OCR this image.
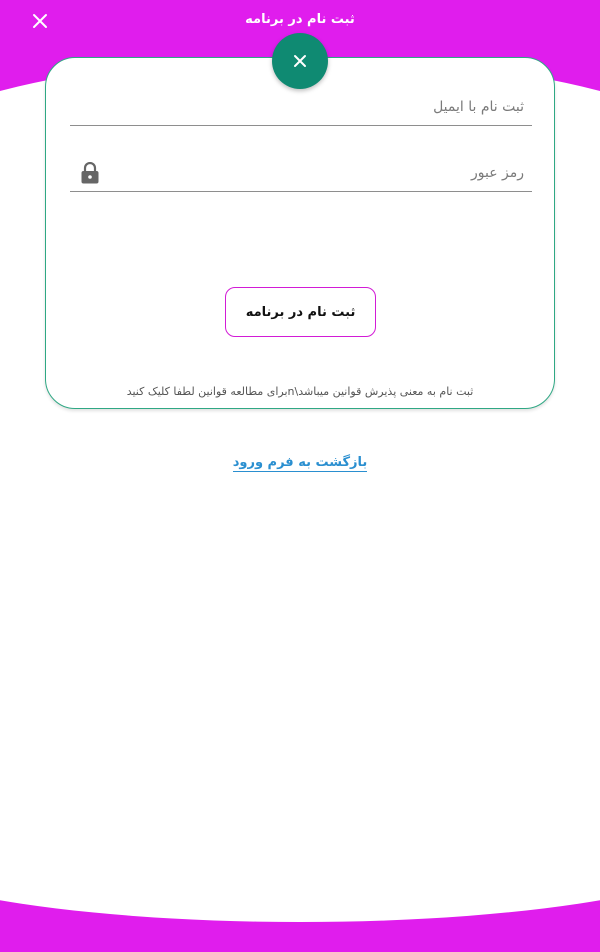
ثبت نام در برنامه
ثبت نام با ایمیل
ثبت نام در برنامه
ثبت نام به معنی پذیرش قوانین میباشد\nبرای مطالعه قوانین لطفا کلیک کنید
بازگشت به فرم ورود
